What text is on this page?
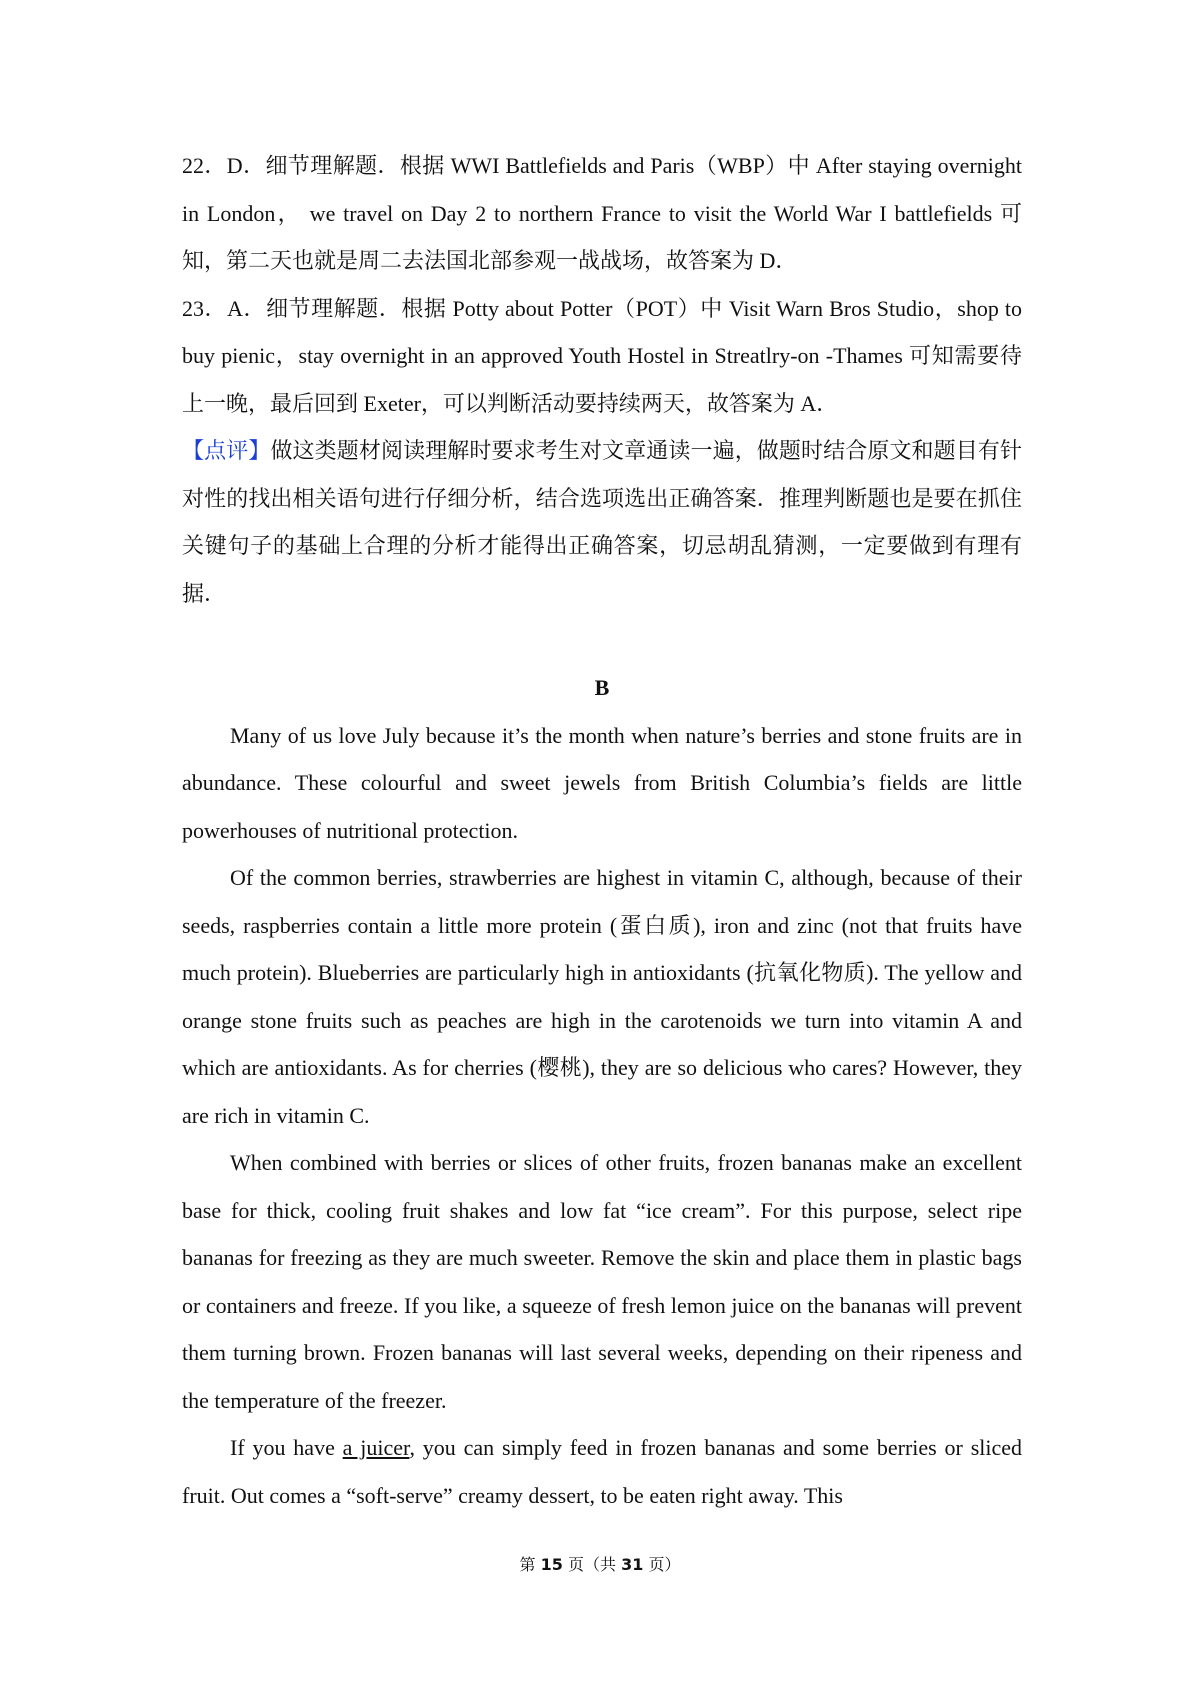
22．D．细节理解题．根据 WWI Battlefields and Paris（WBP）中 After staying overnight in London， we travel on Day 2 to northern France to visit the World War I battlefields 可知，第二天也就是周二去法国北部参观一战战场，故答案为 D．

23．A．细节理解题．根据 Potty about Potter（POT）中 Visit Warn Bros Studio，shop to buy pienic，stay overnight in an approved Youth Hostel in Streatlry-on -Thames 可知需要待上一晚，最后回到 Exeter，可以判断活动要持续两天，故答案为 A．

【点评】做这类题材阅读理解时要求考生对文章通读一遍，做题时结合原文和题目有针对性的找出相关语句进行仔细分析，结合选项选出正确答案．推理判断题也是要在抓住关键句子的基础上合理的分析才能得出正确答案，切忌胡乱猜测，一定要做到有理有据．

B

Many of us love July because it’s the month when nature’s berries and stone fruits are in abundance. These colourful and sweet jewels from British Columbia’s fields are little powerhouses of nutritional protection.

Of the common berries, strawberries are highest in vitamin C, although, because of their seeds, raspberries contain a little more protein (蛋白质), iron and zinc (not that fruits have much protein). Blueberries are particularly high in antioxidants (抗氧化物质). The yellow and orange stone fruits such as peaches are high in the carotenoids we turn into vitamin A and which are antioxidants. As for cherries (樱桃), they are so delicious who cares? However, they are rich in vitamin C.

When combined with berries or slices of other fruits, frozen bananas make an excellent base for thick, cooling fruit shakes and low fat “ice cream”. For this purpose, select ripe bananas for freezing as they are much sweeter. Remove the skin and place them in plastic bags or containers and freeze. If you like, a squeeze of fresh lemon juice on the bananas will prevent them turning brown. Frozen bananas will last several weeks, depending on their ripeness and the temperature of the freezer.

If you have a juicer, you can simply feed in frozen bananas and some berries or sliced fruit. Out comes a “soft-serve” creamy dessert, to be eaten right away. This

第 15 页（共 31 页）
